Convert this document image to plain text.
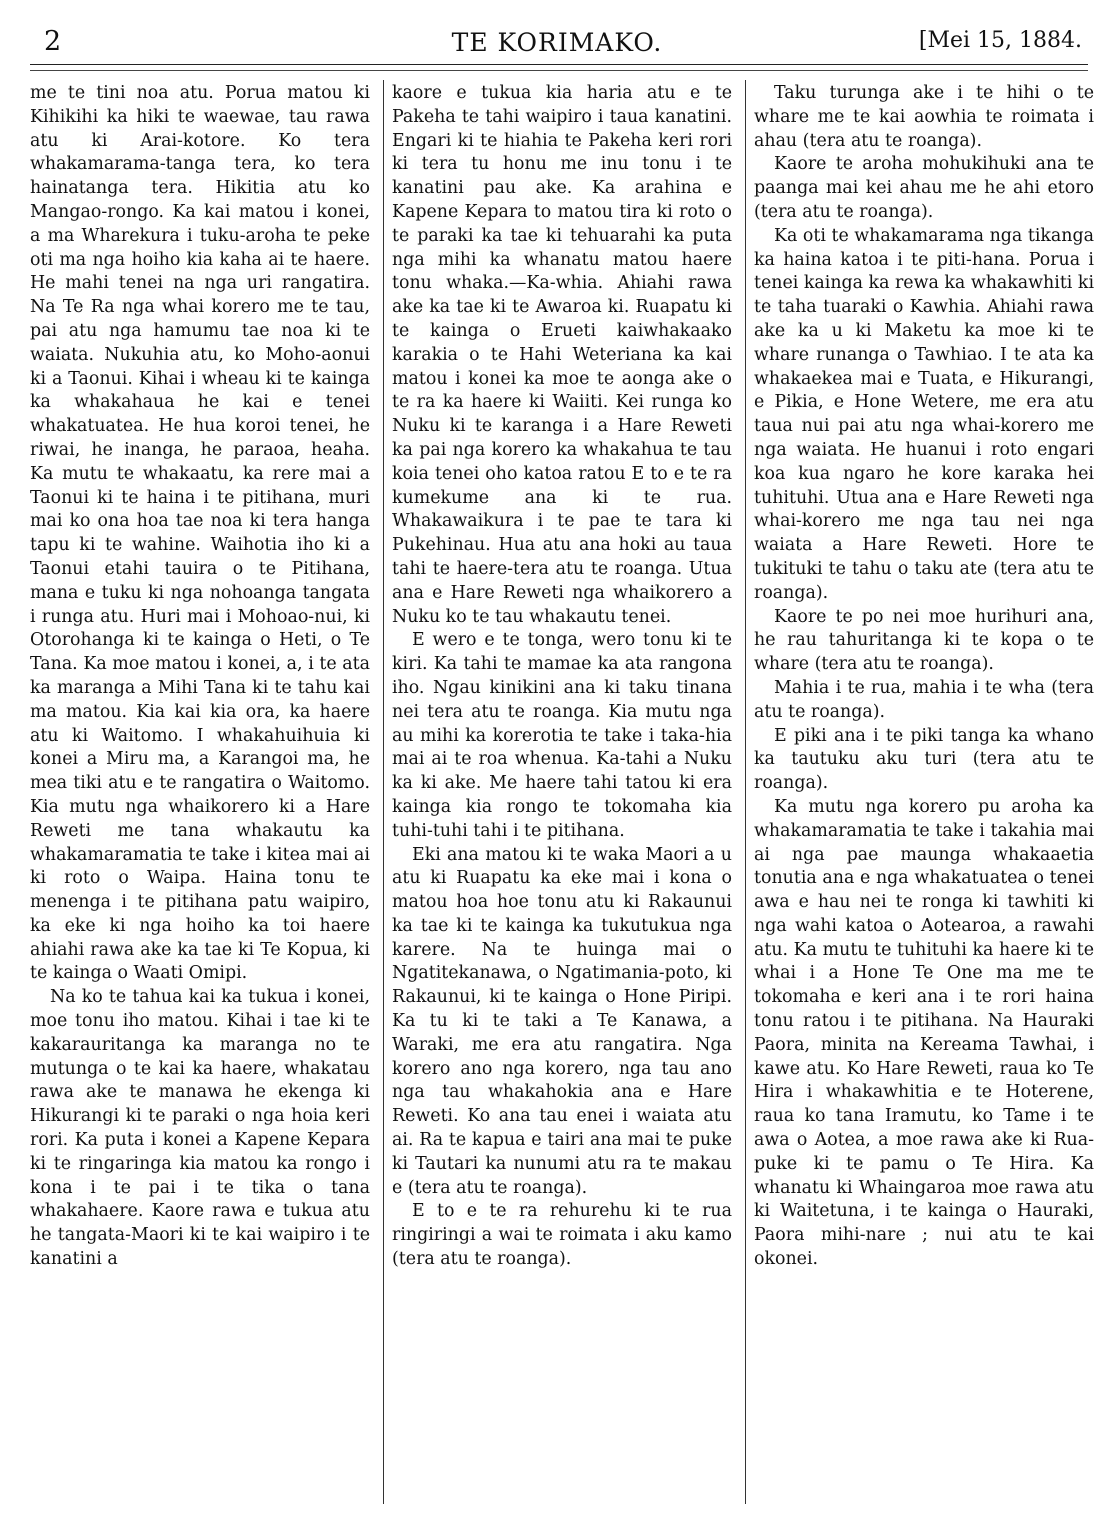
2	TE KORIMAKO.	[Mei 15, 1884.

me te tini noa atu. Porua matou ki Kihikihi ka hiki te waewae, tau rawa atu ki Arai-kotore. Ko tera whakamarama-tanga tera, ko tera hainatanga tera. Hikitia atu ko Mangao-rongo. Ka kai matou i konei, a ma Wharekura i tuku-aroha te peke oti ma nga hoiho kia kaha ai te haere. He mahi tenei na nga uri rangatira. Na Te Ra nga whai korero me te tau, pai atu nga hamumu tae noa ki te waiata. Nukuhia atu, ko Moho-aonui ki a Taonui. Kihai i wheau ki te kainga ka whakahaua he kai e tenei whakatuatea. He hua koroi tenei, he riwai, he inanga, he paraoa, heaha. Ka mutu te whakaatu, ka rere mai a Taonui ki te haina i te pitihana, muri mai ko ona hoa tae noa ki tera hanga tapu ki te wahine. Waihotia iho ki a Taonui etahi tauira o te Pitihana, mana e tuku ki nga nohoanga tangata i runga atu. Huri mai i Mohoao-nui, ki Otorohanga ki te kainga o Heti, o Te Tana. Ka moe matou i konei, a, i te ata ka maranga a Mihi Tana ki te tahu kai ma matou. Kia kai kia ora, ka haere atu ki Waitomo. I whakahuihuia ki konei a Miru ma, a Karangoi ma, he mea tiki atu e te rangatira o Waitomo. Kia mutu nga whaikorero ki a Hare Reweti me tana whakautu ka whakamaramatia te take i kitea mai ai ki roto o Waipa. Haina tonu te menenga i te pitihana patu waipiro, ka eke ki nga hoiho ka toi haere ahiahi rawa ake ka tae ki Te Kopua, ki te kainga o Waati Omipi.

Na ko te tahua kai ka tukua i konei, moe tonu iho matou. Kihai i tae ki te kakarauritanga ka maranga no te mutunga o te kai ka haere, whakatau rawa ake te manawa he ekenga ki Hikurangi ki te paraki o nga hoia keri rori. Ka puta i konei a Kapene Kepara ki te ringaringa kia matou ka rongo i kona i te pai i te tika o tana whakahaere. Kaore rawa e tukua atu he tangata-Maori ki te kai waipiro i te kanatini a

kaore e tukua kia haria atu e te Pakeha te tahi waipiro i taua kanatini. Engari ki te hiahia te Pakeha keri rori ki tera tu honu me inu tonu i te kanatini pau ake. Ka arahina e Kapene Kepara to matou tira ki roto o te paraki ka tae ki tehuarahi ka puta nga mihi ka whanatu matou haere tonu whaka.—Ka-whia. Ahiahi rawa ake ka tae ki te Awaroa ki. Ruapatu ki te kainga o Erueti kaiwhakaako karakia o te Hahi Weteriana ka kai matou i konei ka moe te aonga ake o te ra ka haere ki Waiiti. Kei runga ko Nuku ki te karanga i a Hare Reweti ka pai nga korero ka whakahua te tau koia tenei oho katoa ratou E to e te ra kumekume ana ki te rua. Whakawaikura i te pae te tara ki Pukehinau. Hua atu ana hoki au taua tahi te haere-tera atu te roanga. Utua ana e Hare Reweti nga whaikorero a Nuku ko te tau whakautu tenei.

E wero e te tonga, wero tonu ki te kiri. Ka tahi te mamae ka ata rangona iho. Ngau kinikini ana ki taku tinana nei tera atu te roanga. Kia mutu nga au mihi ka korerotia te take i taka-hia mai ai te roa whenua. Ka-tahi a Nuku ka ki ake. Me haere tahi tatou ki era kainga kia rongo te tokomaha kia tuhi-tuhi tahi i te pitihana.

Eki ana matou ki te waka Maori a u atu ki Ruapatu ka eke mai i kona o matou hoa hoe tonu atu ki Rakaunui ka tae ki te kainga ka tukutukua nga karere. Na te huinga mai o Ngatitekanawa, o Ngatimania-poto, ki Rakaunui, ki te kainga o Hone Piripi. Ka tu ki te taki a Te Kanawa, a Waraki, me era atu rangatira. Nga korero ano nga korero, nga tau ano nga tau whakahokia ana e Hare Reweti. Ko ana tau enei i waiata atu ai. Ra te kapua e tairi ana mai te puke ki Tautari ka nunumi atu ra te makau e (tera atu te roanga).

E to e te ra rehurehu ki te rua ringiringi a wai te roimata i aku kamo (tera atu te roanga).

Taku turunga ake i te hihi o te whare me te kai aowhia te roimata i ahau (tera atu te roanga).

Kaore te aroha mohukihuki ana te paanga mai kei ahau me he ahi etoro (tera atu te roanga).

Ka oti te whakamarama nga tikanga ka haina katoa i te piti-hana. Porua i tenei kainga ka rewa ka whakawhiti ki te taha tuaraki o Kawhia. Ahiahi rawa ake ka u ki Maketu ka moe ki te whare runanga o Tawhiao. I te ata ka whakaekea mai e Tuata, e Hikurangi, e Pikia, e Hone Wetere, me era atu taua nui pai atu nga whai-korero me nga waiata. He huanui i roto engari koa kua ngaro he kore karaka hei tuhituhi. Utua ana e Hare Reweti nga whai-korero me nga tau nei nga waiata a Hare Reweti. Hore te tukituki te tahu o taku ate (tera atu te roanga).

Kaore te po nei moe hurihuri ana, he rau tahuritanga ki te kopa o te whare (tera atu te roanga).

Mahia i te rua, mahia i te wha (tera atu te roanga).

E piki ana i te piki tanga ka whano ka tautuku aku turi (tera atu te roanga).

Ka mutu nga korero pu aroha ka whakamaramatia te take i takahia mai ai nga pae maunga whakaaetia tonutia ana e nga whakatuatea o tenei awa e hau nei te ronga ki tawhiti ki nga wahi katoa o Aotearoa, a rawahi atu. Ka mutu te tuhituhi ka haere ki te whai i a Hone Te One ma me te tokomaha e keri ana i te rori haina tonu ratou i te pitihana. Na Hauraki Paora, minita na Kereama Tawhai, i kawe atu. Ko Hare Reweti, raua ko Te Hira i whakawhitia e te Hoterene, raua ko tana Iramutu, ko Tame i te awa o Aotea, a moe rawa ake ki Rua-puke ki te pamu o Te Hira. Ka whanatu ki Whaingaroa moe rawa atu ki Waitetuna, i te kainga o Hauraki, Paora mihi-nare ; nui atu te kai okonei.
